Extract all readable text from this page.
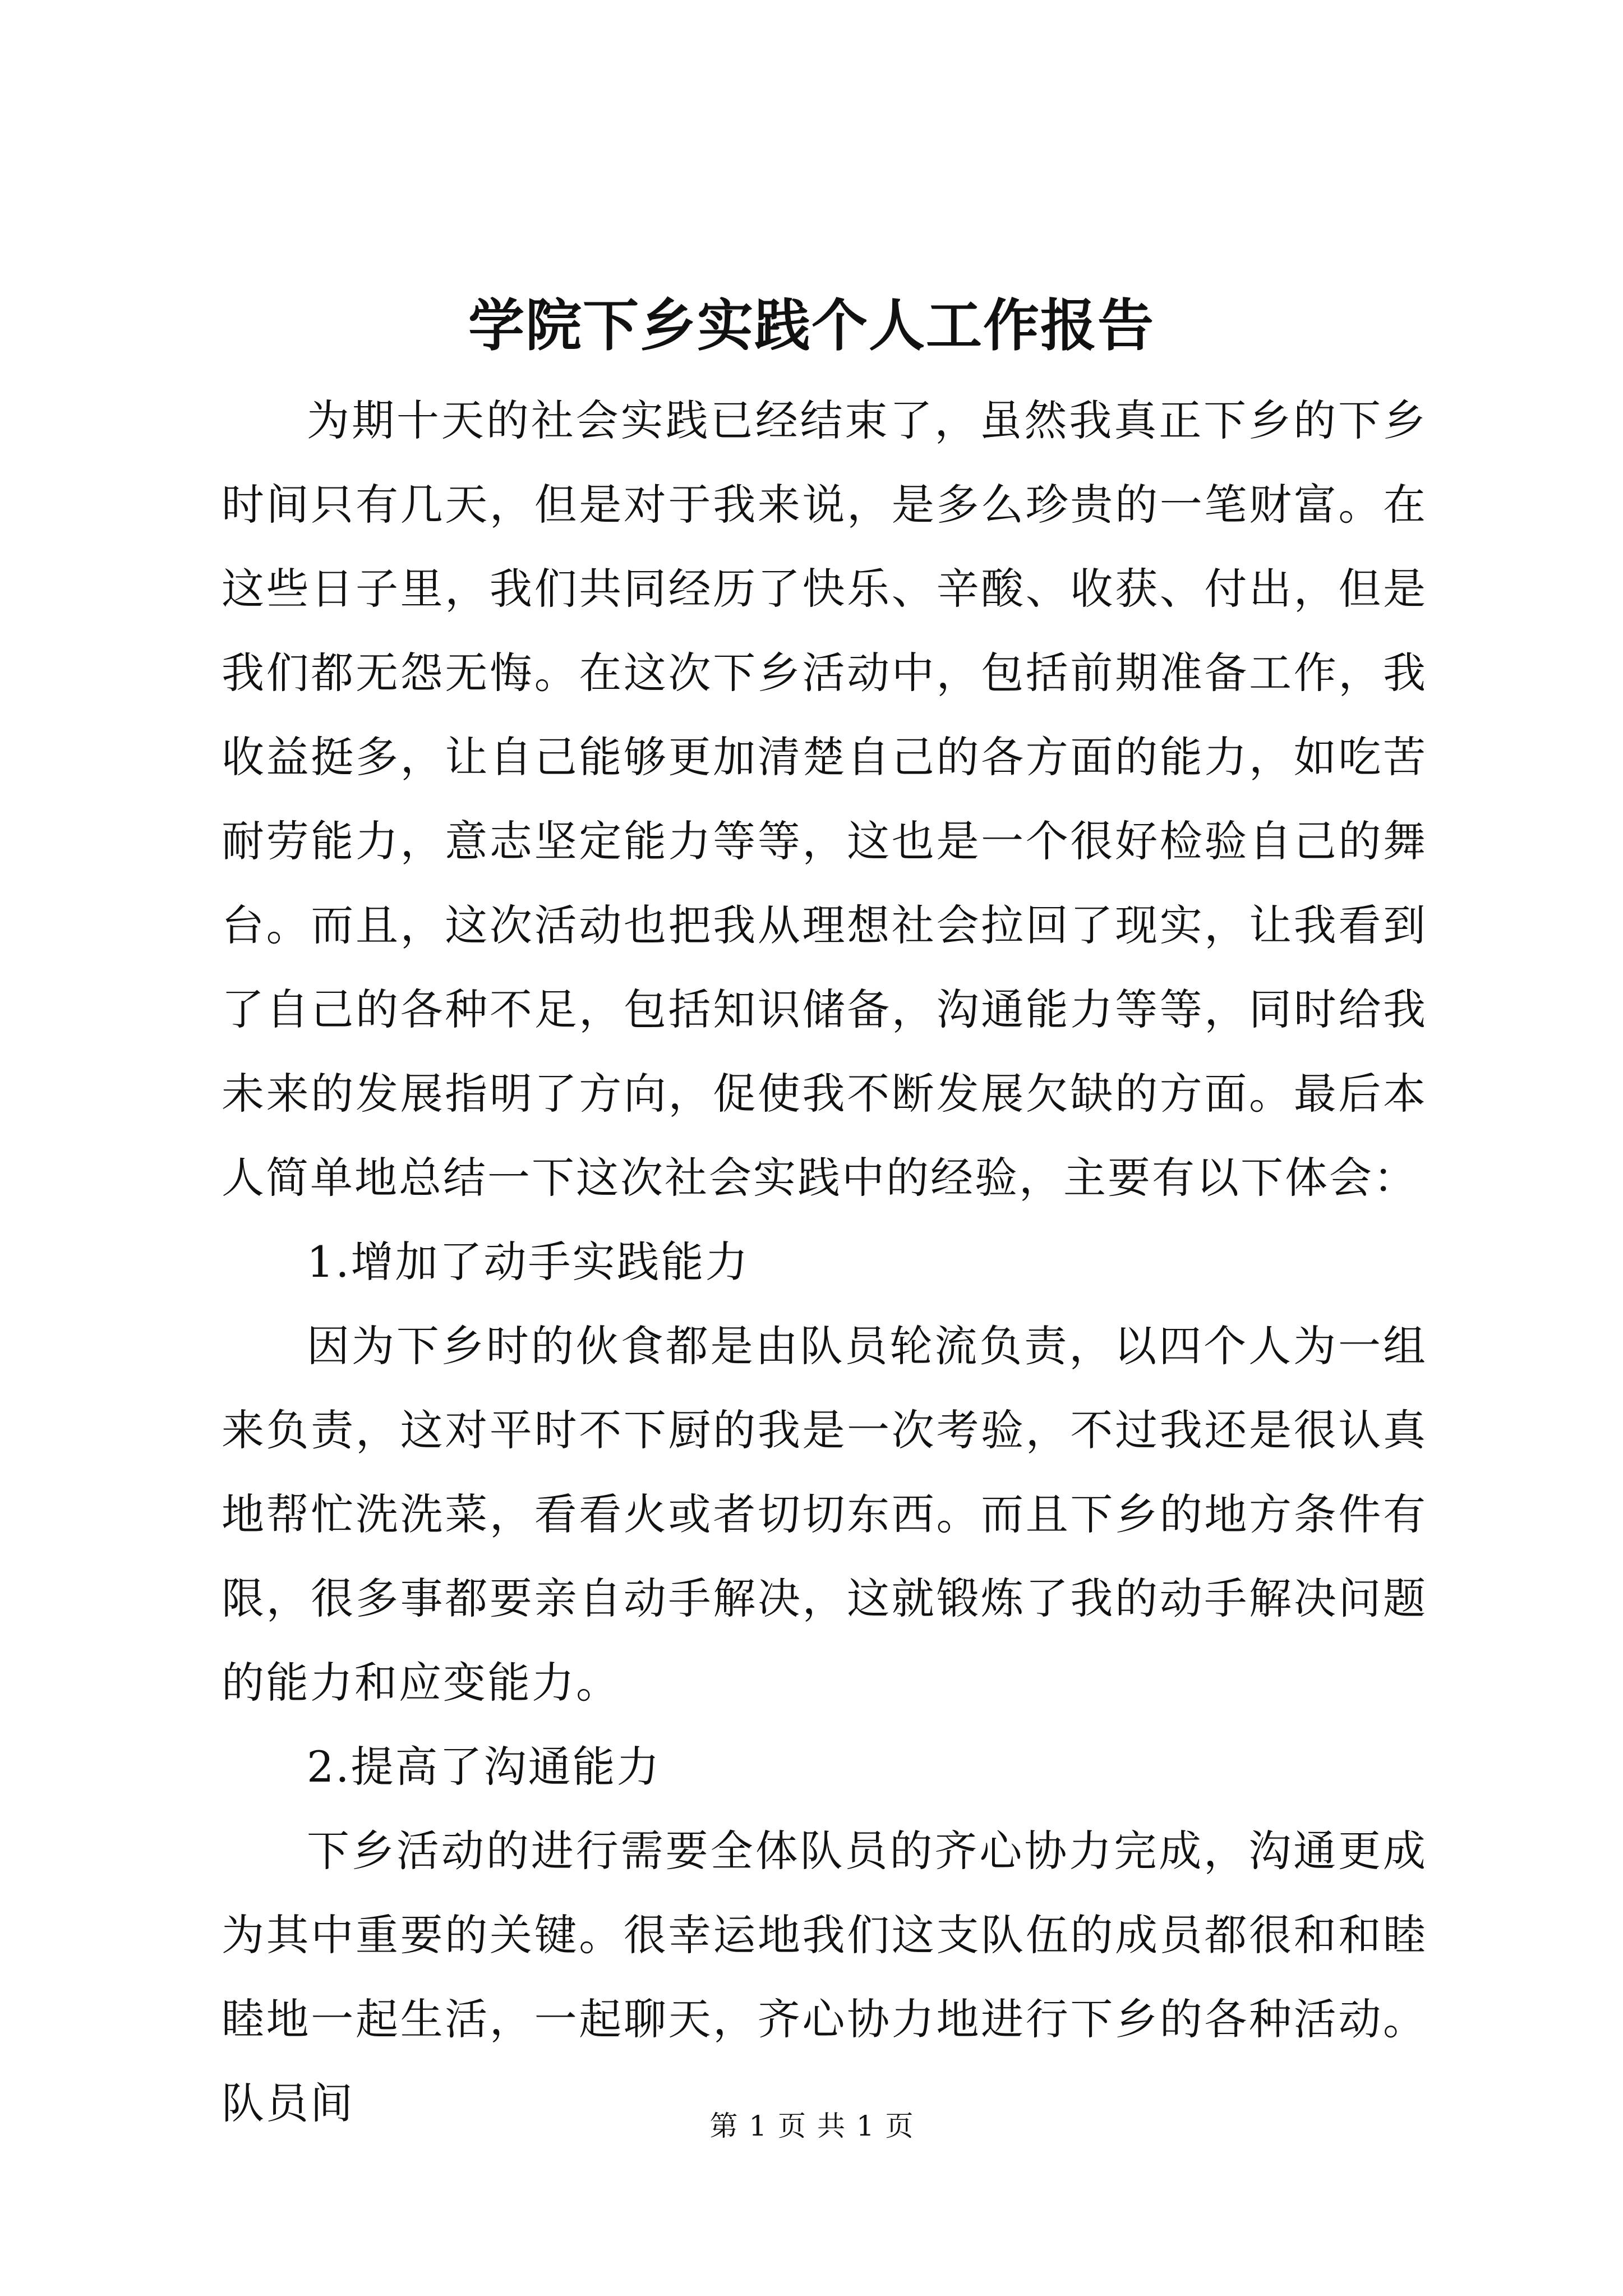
学院下乡实践个人工作报告

为期十天的社会实践已经结束了，虽然我真正下乡的下乡时间只有几天，但是对于我来说，是多么珍贵的一笔财富。在这些日子里，我们共同经历了快乐、辛酸、收获、付出，但是我们都无怨无悔。在这次下乡活动中，包括前期准备工作，我收益挺多，让自己能够更加清楚自己的各方面的能力，如吃苦耐劳能力，意志坚定能力等等，这也是一个很好检验自己的舞台。而且，这次活动也把我从理想社会拉回了现实，让我看到了自己的各种不足，包括知识储备，沟通能力等等，同时给我未来的发展指明了方向，促使我不断发展欠缺的方面。最后本人简单地总结一下这次社会实践中的经验，主要有以下体会：

1.增加了动手实践能力

因为下乡时的伙食都是由队员轮流负责，以四个人为一组来负责，这对平时不下厨的我是一次考验，不过我还是很认真地帮忙洗洗菜，看看火或者切切东西。而且下乡的地方条件有限，很多事都要亲自动手解决，这就锻炼了我的动手解决问题的能力和应变能力。

2.提高了沟通能力

下乡活动的进行需要全体队员的齐心协力完成，沟通更成为其中重要的关键。很幸运地我们这支队伍的成员都很和和睦睦地一起生活，一起聊天，齐心协力地进行下乡的各种活动。队员间	第 1 页 共 1 页
